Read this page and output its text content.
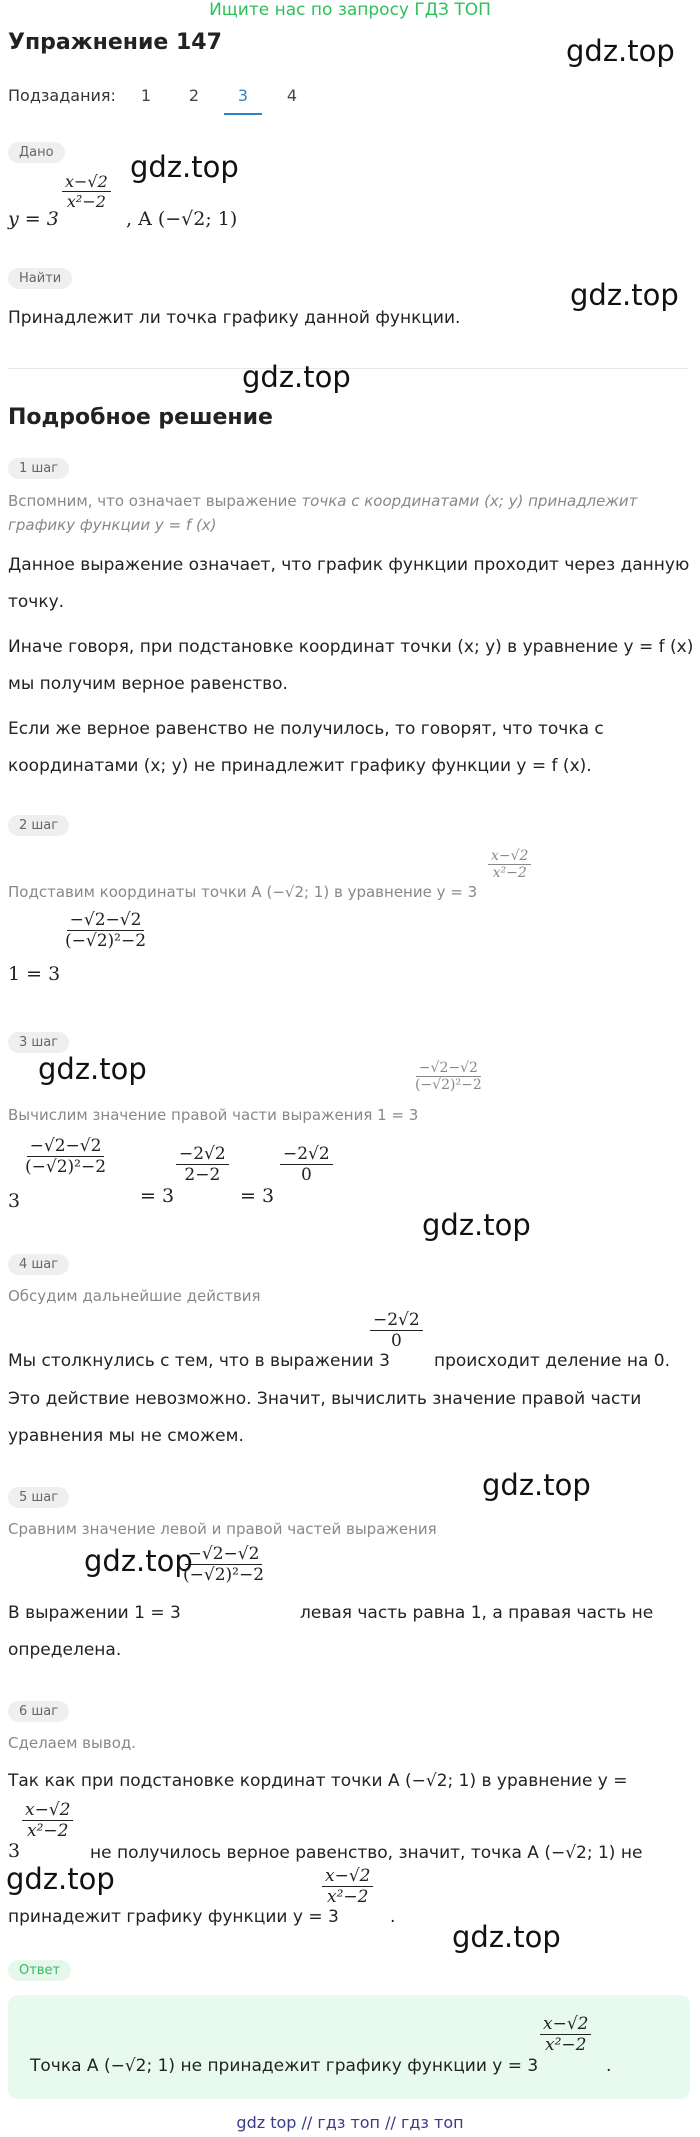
Ищите нас по запросу ГДЗ ТОП
Упражнение 147	gdz.top
Подзадания:	1	2	3	4
Дано	gdz.top
y = 3
$\frac{x-√2}{\text{x²−2}}$
, A (−√2; 1)
Найти	gdz.top
Принадлежит ли точка графику данной функции.
gdz.top
Подробное решение
1 шаг
Вспомним, что означает выражение точка с координатами (x; y) принадлежит
графику функции y = f (x)
Данное выражение означает, что график функции проходит через данную
точку.
Иначе говоря, при подстановке координат точки (x; y) в уравнение y = f (x)
мы получим верное равенство.
Если же верное равенство не получилось, то говорят, что точка с
координатами (x; y) не принадлежит графику функции y = f (x).
2 шаг
Подставим координаты точки A (−√2; 1) в уравнение y = 3
$\frac{x-√2}{\text{x²−2}}$
1 = 3
$\frac{-√2-√2}{\text{(−√2)²−2}}$
3 шаг
gdz.top
Вычислим значение правой части выражения 1 = 3
$\frac{-√2-√2}{\text{(−√2)²−2}}$
3
$\frac{-√2-√2}{\text{(−√2)²−2}}$
= 3
$\frac{-2√2}{2-2}$
= 3
$\frac{-2√2}{0}$
gdz.top
4 шаг
Обсудим дальнейшие действия
Мы столкнулись с тем, что в выражении 3
$\frac{-2√2}{0}$
происходит деление на 0.
Это действие невозможно. Значит, вычислить значение правой части
уравнения мы не сможем.
5 шаг	gdz.top
Сравним значение левой и правой частей выражения
gdz.top
В выражении 1 = 3
$\frac{-√2-√2}{\text{(−√2)²−2}}$
левая часть равна 1, а правая часть не
определена.
6 шаг
Сделаем вывод.
Так как при подстановке кординат точки A (−√2; 1) в уравнение y =
3
$\frac{x-√2}{\text{x²−2}}$
не получилось верное равенство, значит, точка A (−√2; 1) не
gdz.top
принадежит графику функции y = 3
$\frac{x-√2}{\text{x²−2}}$
.
gdz.top
Ответ
Точка A (−√2; 1) не принадежит графику функции y = 3
$\frac{x-√2}{\text{x²−2}}$
.
gdz top // гдз топ // гдз топ
